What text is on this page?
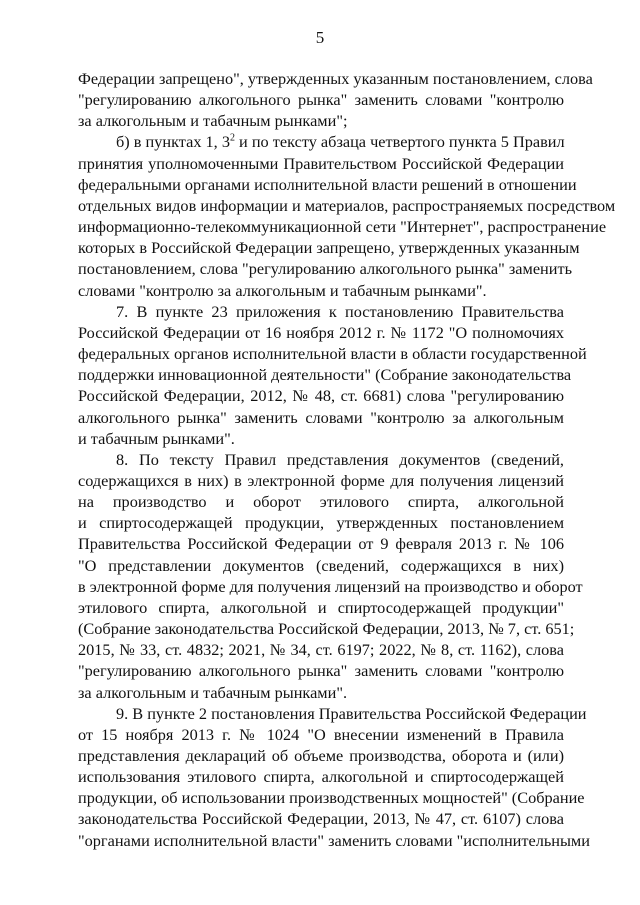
5
Федерации запрещено", утвержденных указанным постановлением, слова
"регулированию алкогольного рынка" заменить словами "контролю
за алкогольным и табачным рынками";
б) в пунктах 1, $3^2$ и по тексту абзаца четвертого пункта 5 Правил
принятия уполномоченными Правительством Российской Федерации
федеральными органами исполнительной власти решений в отношении
отдельных видов информации и материалов, распространяемых посредством
информационно-телекоммуникационной сети "Интернет", распространение
которых в Российской Федерации запрещено, утвержденных указанным
постановлением, слова "регулированию алкогольного рынка" заменить
словами "контролю за алкогольным и табачным рынками".
7. В пункте 23 приложения к постановлению Правительства
Российской Федерации от 16 ноября 2012 г. № 1172 "О полномочиях
федеральных органов исполнительной власти в области государственной
поддержки инновационной деятельности" (Собрание законодательства
Российской Федерации, 2012, № 48, ст. 6681) слова "регулированию
алкогольного рынка" заменить словами "контролю за алкогольным
и табачным рынками".
8. По тексту Правил представления документов (сведений,
содержащихся в них) в электронной форме для получения лицензий
на производство и оборот этилового спирта, алкогольной
и спиртосодержащей продукции, утвержденных постановлением
Правительства Российской Федерации от 9 февраля 2013 г. № 106
"О представлении документов (сведений, содержащихся в них)
в электронной форме для получения лицензий на производство и оборот
этилового спирта, алкогольной и спиртосодержащей продукции"
(Собрание законодательства Российской Федерации, 2013, № 7, ст. 651;
2015, № 33, ст. 4832; 2021, № 34, ст. 6197; 2022, № 8, ст. 1162), слова
"регулированию алкогольного рынка" заменить словами "контролю
за алкогольным и табачным рынками".
9. В пункте 2 постановления Правительства Российской Федерации
от 15 ноября 2013 г. № 1024 "О внесении изменений в Правила
представления деклараций об объеме производства, оборота и (или)
использования этилового спирта, алкогольной и спиртосодержащей
продукции, об использовании производственных мощностей" (Собрание
законодательства Российской Федерации, 2013, № 47, ст. 6107) слова
"органами исполнительной власти" заменить словами "исполнительными
